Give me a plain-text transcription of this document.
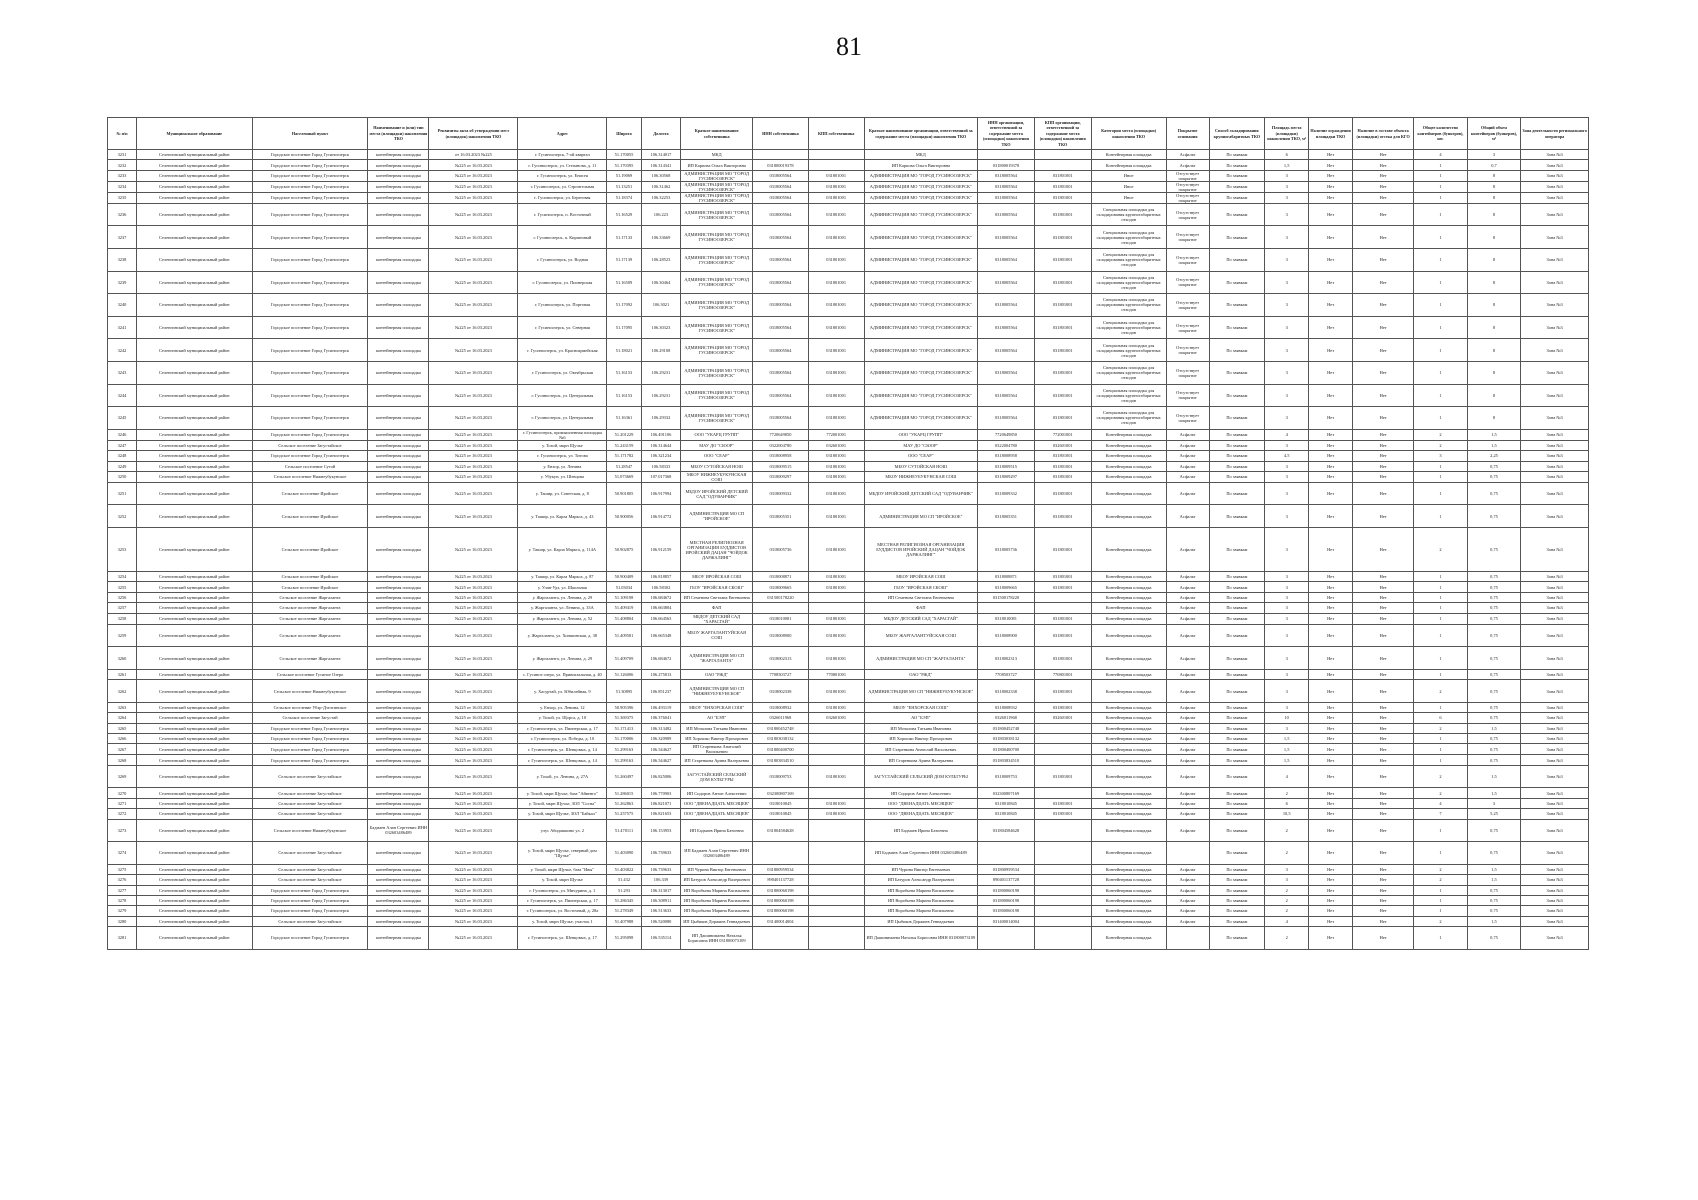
81
№ п/п	Муниципальное образование	Населенный пункт	Наименование и (или) тип места (площадки) накопления ТКО	Реквизиты акта об утверждении мест (площадок) накопления ТКО	Адрес	Широта	Долгота	Краткое наименование собственника	ИНН собственника	КПП собственника	Краткое наименование организации, ответственной за содержание места (площадки) накопления ТКО	ИНН организации, ответственной за содержание места (площадки) накопления ТКО	КПП организации, ответственной за содержание места (площадки) накопления ТКО	Категория места (площадки) накопления ТКО	Покрытие основания	Способ складирования крупногабаритных ТКО	Площадь места (площадки) накопления ТКО, м²	Наличие ограждения площадки ТКО	Наличие в составе объекта (площадки) отсека для КГО	Общее количество контейнеров (бункеров), шт.	Общий объем контейнеров (бункеров), м³	Зона деятельности регионального оператора
3231	Селенгинский муниципальный район	Городское поселение Город Гусиноозерск	контейнерная площадка	от 16.03.2023 №225	г. Гусиноозерск, 7-ой квартал	51.170055	106.314017	МКД			МКД			Контейнерная площадка	Асфальт	По заявкам	6	Нет	Нет	4	3	Зона №3
3232	Селенгинский муниципальный район	Городское поселение Город Гусиноозерск	контейнерная площадка	№225 от 16.03.2023	г. Гусиноозерск, ул. Степанова, д. 11	51.170395	106.314341	ИП Карпова Ольга Викторовна	031800019378		ИП Карпова Ольга Викторовна	031800019378		Контейнерная площадка	Асфальт	По заявкам	1,5	Нет	Нет	1	0,7	Зона №3
3233	Селенгинский муниципальный район	Городское поселение Город Гусиноозерск	контейнерная площадка	№225 от 16.03.2023	г. Гусиноозерск, ул. Енисея	51.19069	106.30568	АДМИНИСТРАЦИЯ МО "ГОРОД ГУСИНООЗЕРСК"	0318005564	031801001	АДМИНИСТРАЦИЯ МО "ГОРОД ГУСИНООЗЕРСК"	0318005564	031801001	Иное	Отсутствует покрытие	По заявкам	3	Нет	Нет	1	8	Зона №3
3234	Селенгинский муниципальный район	Городское поселение Город Гусиноозерск	контейнерная площадка	№225 от 16.03.2023	г. Гусиноозерск, ул. Строительная	51.13251	106.31462	АДМИНИСТРАЦИЯ МО "ГОРОД ГУСИНООЗЕРСК"	0318005564	031801001	АДМИНИСТРАЦИЯ МО "ГОРОД ГУСИНООЗЕРСК"	0318005564	031801001	Иное	Отсутствует покрытие	По заявкам	3	Нет	Нет	1	8	Зона №3
3235	Селенгинский муниципальный район	Городское поселение Город Гусиноозерск	контейнерная площадка	№225 от 16.03.2023	г. Гусиноозерск, ул. Береговая	51.18374	106.32253	АДМИНИСТРАЦИЯ МО "ГОРОД ГУСИНООЗЕРСК"	0318005564	031801001	АДМИНИСТРАЦИЯ МО "ГОРОД ГУСИНООЗЕРСК"	0318005564	031801001	Иное	Отсутствует покрытие	По заявкам	3	Нет	Нет	1	8	Зона №3
3236	Селенгинский муниципальный район	Городское поселение Город Гусиноозерск	контейнерная площадка	№225 от 16.03.2023	г. Гусиноозерск, п. Восточный	51.16529	106.223	АДМИНИСТРАЦИЯ МО "ГОРОД ГУСИНООЗЕРСК"	0318005564	031801001	АДМИНИСТРАЦИЯ МО "ГОРОД ГУСИНООЗЕРСК"	0318005564	031801001	Специальная площадка для складирования крупногабаритных отходов	Отсутствует покрытие	По заявкам	3	Нет	Нет	1	8	Зона №3
3237	Селенгинский муниципальный район	Городское поселение Город Гусиноозерск	контейнерная площадка	№225 от 16.03.2023	г. Гусиноозерск, п. Кирпичный	51.17133	106.33669	АДМИНИСТРАЦИЯ МО "ГОРОД ГУСИНООЗЕРСК"	0318005564	031801001	АДМИНИСТРАЦИЯ МО "ГОРОД ГУСИНООЗЕРСК"	0318005564	031801001	Специальная площадка для складирования крупногабаритных отходов	Отсутствует покрытие	По заявкам	3	Нет	Нет	1	8	Зона №3
3238	Селенгинский муниципальный район	Городское поселение Город Гусиноозерск	контейнерная площадка	№225 от 16.03.2023	г. Гусиноозерск, ул. Водная	51.17139	106.28523	АДМИНИСТРАЦИЯ МО "ГОРОД ГУСИНООЗЕРСК"	0318005564	031801001	АДМИНИСТРАЦИЯ МО "ГОРОД ГУСИНООЗЕРСК"	0318005564	031801001	Специальная площадка для складирования крупногабаритных отходов	Отсутствует покрытие	По заявкам	3	Нет	Нет	1	8	Зона №3
3239	Селенгинский муниципальный район	Городское поселение Город Гусиноозерск	контейнерная площадка	№225 от 16.03.2023	г. Гусиноозерск, ул. Пионерская	51.16509	106.30464	АДМИНИСТРАЦИЯ МО "ГОРОД ГУСИНООЗЕРСК"	0318005564	031801001	АДМИНИСТРАЦИЯ МО "ГОРОД ГУСИНООЗЕРСК"	0318005564	031801001	Специальная площадка для складирования крупногабаритных отходов	Отсутствует покрытие	По заявкам	3	Нет	Нет	1	8	Зона №3
3240	Селенгинский муниципальный район	Городское поселение Город Гусиноозерск	контейнерная площадка	№225 от 16.03.2023	г. Гусиноозерск, ул. Портовая	51.17092	106.3021	АДМИНИСТРАЦИЯ МО "ГОРОД ГУСИНООЗЕРСК"	0318005564	031801001	АДМИНИСТРАЦИЯ МО "ГОРОД ГУСИНООЗЕРСК"	0318005564	031801001	Специальная площадка для складирования крупногабаритных отходов	Отсутствует покрытие	По заявкам	3	Нет	Нет	1	8	Зона №3
3241	Селенгинский муниципальный район	Городское поселение Город Гусиноозерск	контейнерная площадка	№225 от 16.03.2023	г. Гусиноозерск, ул. Северная	51.17095	106.30323	АДМИНИСТРАЦИЯ МО "ГОРОД ГУСИНООЗЕРСК"	0318005564	031801001	АДМИНИСТРАЦИЯ МО "ГОРОД ГУСИНООЗЕРСК"	0318005564	031801001	Специальная площадка для складирования крупногабаритных отходов	Отсутствует покрытие	По заявкам	3	Нет	Нет	1	8	Зона №3
3242	Селенгинский муниципальный район	Городское поселение Город Гусиноозерск	контейнерная площадка	№225 от 16.03.2023	г. Гусиноозерск, ул. Красноармейская	51.18021	106.29108	АДМИНИСТРАЦИЯ МО "ГОРОД ГУСИНООЗЕРСК"	0318005564	031801001	АДМИНИСТРАЦИЯ МО "ГОРОД ГУСИНООЗЕРСК"	0318005564	031801001	Специальная площадка для складирования крупногабаритных отходов	Отсутствует покрытие	По заявкам	3	Нет	Нет	1	8	Зона №3
3243	Селенгинский муниципальный район	Городское поселение Город Гусиноозерск	контейнерная площадка	№225 от 16.03.2023	г. Гусиноозерск, ул. Октябрьская	51.16153	106.29231	АДМИНИСТРАЦИЯ МО "ГОРОД ГУСИНООЗЕРСК"	0318005564	031801001	АДМИНИСТРАЦИЯ МО "ГОРОД ГУСИНООЗЕРСК"	0318005564	031801001	Специальная площадка для складирования крупногабаритных отходов	Отсутствует покрытие	По заявкам	3	Нет	Нет	1	8	Зона №3
3244	Селенгинский муниципальный район	Городское поселение Город Гусиноозерск	контейнерная площадка	№225 от 16.03.2023	г. Гусиноозерск, ул. Центральная	51.16153	106.29231	АДМИНИСТРАЦИЯ МО "ГОРОД ГУСИНООЗЕРСК"	0318005564	031801001	АДМИНИСТРАЦИЯ МО "ГОРОД ГУСИНООЗЕРСК"	0318005564	031801001	Специальная площадка для складирования крупногабаритных отходов	Отсутствует покрытие	По заявкам	3	Нет	Нет	1	8	Зона №3
3245	Селенгинский муниципальный район	Городское поселение Город Гусиноозерск	контейнерная площадка	№225 от 16.03.2023	г. Гусиноозерск, ул. Центральная	51.16361	106.29332	АДМИНИСТРАЦИЯ МО "ГОРОД ГУСИНООЗЕРСК"	0318005564	031801001	АДМИНИСТРАЦИЯ МО "ГОРОД ГУСИНООЗЕРСК"	0318005564	031801001	Специальная площадка для складирования крупногабаритных отходов	Отсутствует покрытие	По заявкам	3	Нет	Нет	1	8	Зона №3
3246	Селенгинский муниципальный район	Городское поселение Город Гусиноозерск	контейнерная площадка	№225 от 16.03.2023	г. Гусиноозерск, промышленная площадка №6	51.201229	106.491106	ООО "УКАРЦ ГРУПП"	7720649850	772001001	ООО "УКАРЦ ГРУПП"	7720649850	772001001	Контейнерная площадка	Асфальт	По заявкам	4	Нет	Нет	2	1,5	Зона №3
3247	Селенгинский муниципальный район	Сельское поселение Загустайское	контейнерная площадка	№225 от 16.03.2023	у. Тохой, мкрн Щучье	51.243159	106.314644	МАУ ДО "СЮОР"	0322004780	032601001	МАУ ДО "СЮОР"	0322004780	032601001	Контейнерная площадка	Асфальт	По заявкам	3	Нет	Нет	2	1,5	Зона №3
3248	Селенгинский муниципальный район	Городское поселение Город Гусиноозерск	контейнерная площадка	№225 от 16.03.2023	г. Гусиноозерск, ул. Титова	51.171782	106.321234	ООО "СЕАР"	0318008958	031801001	ООО "СЕАР"	0318008958	031801001	Контейнерная площадка	Асфальт	По заявкам	4,5	Нет	Нет	3	2,25	Зона №3
3249	Селенгинский муниципальный район	Сельское поселение Сутой	контейнерная площадка	№225 от 16.03.2023	у. Енхор, ул. Ленина	51.28547	106.58333	МБОУ СУТОЙСКАЯ НОШ	0318009515	031801001	МБОУ СУТОЙСКАЯ НОШ	0318009515	031801001	Контейнерная площадка	Асфальт	По заявкам	3	Нет	Нет	1	0,75	Зона №3
3250	Селенгинский муниципальный район	Сельское поселение Нижнеубукунское	контейнерная площадка	№225 от 16.03.2023	у. Убукун, ул. Шевцова	51.073669	107.017368	МБОУ НИЖНЕУБУКУНСКАЯ СОШ	0318009297	031801001	МБОУ НИЖНЕУБУКУНСКАЯ СОШ	0318009297	031801001	Контейнерная площадка	Асфальт	По заявкам	3	Нет	Нет	1	0,75	Зона №3
3251	Селенгинский муниципальный район	Сельское поселение Иройское	контейнерная площадка	№225 от 16.03.2023	у. Ташир, ул. Советская, д. 8	50.901805	106.917994	МБДОУ ИРОЙСКИЙ ДЕТСКИЙ САД "ОДУВАНЧИК"	0318009332	031801001	МБДОУ ИРОЙСКИЙ ДЕТСКИЙ САД "ОДУВАНЧИК"	0318009332	031801001	Контейнерная площадка	Асфальт	По заявкам	3	Нет	Нет	1	0,75	Зона №3
3252	Селенгинский муниципальный район	Сельское поселение Иройское	контейнерная площадка	№225 от 16.03.2023	у. Ташир, ул. Карла Маркса, д. 43	50.900056	106.914772	АДМИНИСТРАЦИЯ МО СП "ИРОЙСКОЕ"	0318005351	031801001	АДМИНИСТРАЦИЯ МО СП "ИРОЙСКОЕ"	0318005351	031801001	Контейнерная площадка	Асфальт	По заявкам	3	Нет	Нет	1	0,75	Зона №3
3253	Селенгинский муниципальный район	Сельское поселение Иройское	контейнерная площадка	№225 от 16.03.2023	у. Ташир, ул. Карла Маркса, д. 114А	50.902875	106.912159	МЕСТНАЯ РЕЛИГИОЗНАЯ ОРГАНИЗАЦИЯ БУДДИСТОВ ИРОЙСКИЙ ДАЦАН "ЧОЙДОК ДАРЖАЛИНГ"	0318005736	031801001	МЕСТНАЯ РЕЛИГИОЗНАЯ ОРГАНИЗАЦИЯ БУДДИСТОВ ИРОЙСКИЙ ДАЦАН "ЧОЙДОК ДАРЖАЛИНГ"	0318005736	031801001	Контейнерная площадка	Асфальт	По заявкам	3	Нет	Нет	2	0,75	Зона №3
3254	Селенгинский муниципальный район	Сельское поселение Иройское	контейнерная площадка	№225 от 16.03.2023	у. Ташир, ул. Карла Маркса, д. 87	50.900409	106.818857	МБОУ ИРОЙСКАЯ СОШ	0318008871	031801001	МБОУ ИРОЙСКАЯ СОШ	0318008871	031801001	Контейнерная площадка	Асфальт	По заявкам	3	Нет	Нет	1	0,75	Зона №3
3255	Селенгинский муниципальный район	Сельское поселение Иройское	контейнерная площадка	№225 от 16.03.2023	у. Улан-Удэ, ул. Школьная	51.03034	106.58302	ГБОУ "ИРОЙСКАЯ СКОШ"	0318009665	031801001	ГБОУ "ИРОЙСКАЯ СКОШ"	0318009665	031801001	Контейнерная площадка	Асфальт	По заявкам	3	Нет	Нет	1	0,75	Зона №3
3256	Селенгинский муниципальный район	Сельское поселение Жаргаланта	контейнерная площадка	№225 от 16.03.2023	у. Жаргаланта, ул. Ленина, д. 29	51.109198	106.684672	ИП Семенова Светлана Евгеньевна	031500178220		ИП Семенова Светлана Евгеньевна	031500178220		Контейнерная площадка	Асфальт	По заявкам	3	Нет	Нет	1	0,75	Зона №3
3257	Селенгинский муниципальный район	Сельское поселение Жаргаланта	контейнерная площадка	№225 от 16.03.2023	у. Жаргаланта, ул. Ленина, д. 33А	51.409419	106.663804	ФАП			ФАП			Контейнерная площадка	Асфальт	По заявкам	3	Нет	Нет	1	0,75	Зона №3
3258	Селенгинский муниципальный район	Сельское поселение Жаргаланта	контейнерная площадка	№225 от 16.03.2023	у. Жаргаланта, ул. Ленина, д. 52	51.408804	106.664563	МБДОУ ДЕТСКИЙ САД "ХАРАСГАЙ"	0318010081	031801001	МБДОУ ДЕТСКИЙ САД "ХАРАСГАЙ"	0318010081	031801001	Контейнерная площадка	Асфальт	По заявкам	3	Нет	Нет	1	0,75	Зона №3
3259	Селенгинский муниципальный район	Сельское поселение Жаргаланта	контейнерная площадка	№225 от 16.03.2023	у. Жаргаланта, ул. Хоншинская, д. 38	51.409581	106.665348	МБОУ ЖАРГАЛАНТУЙСКАЯ СОШ	0318008900	031801001	МБОУ ЖАРГАЛАНТУЙСКАЯ СОШ	0318008900	031801001	Контейнерная площадка	Асфальт	По заявкам	3	Нет	Нет	1	0,75	Зона №3
3260	Селенгинский муниципальный район	Сельское поселение Жаргаланта	контейнерная площадка	№225 от 16.03.2023	у. Жаргаланта, ул. Ленина, д. 29	51.409709	106.684672	АДМИНИСТРАЦИЯ МО СП "ЖАРГАЛАНТА"	0318002313	031801001	АДМИНИСТРАЦИЯ МО СП "ЖАРГАЛАНТА"	0318002313	031801001	Контейнерная площадка	Асфальт	По заявкам	3	Нет	Нет	1	0,75	Зона №3
3261	Селенгинский муниципальный район	Сельское поселение Гусиное Озеро	контейнерная площадка	№225 от 16.03.2023	с. Гусиное озеро, ул. Привокзальная, д. 40	51.126006	106.275813	ОАО "РЖД"	7708503727	770801001	ОАО "РЖД"	7708503727	770801001	Контейнерная площадка	Асфальт	По заявкам	3	Нет	Нет	1	0,75	Зона №3
3262	Селенгинский муниципальный район	Сельское поселение Нижнеубукунское	контейнерная площадка	№225 от 16.03.2023	у. Хасуртай, ул. Юбилейная, 9	51.30895	106.851237	АДМИНИСТРАЦИЯ МО СП "НИЖНЕУБУКУНСКОЕ"	0318002338	031801001	АДМИНИСТРАЦИЯ МО СП "НИЖНЕУБУКУНСКОЕ"	0318002338	031801001	Контейнерная площадка	Асфальт	По заявкам	3	Нет	Нет	2	0,75	Зона №3
3263	Селенгинский муниципальный район	Сельское поселение Убэр-Дзелгинское	контейнерная площадка	№225 от 16.03.2023	у. Енхор, ул. Ленина, 12	50.905396	106.493119	МБОУ "ЕНХОРСКАЯ СОШ"	0318008932	031801001	МБОУ "ЕНХОРСКАЯ СОШ"	0318008932	031801001	Контейнерная площадка	Асфальт	По заявкам	3	Нет	Нет	1	0,75	Зона №3
3264	Селенгинский муниципальный район	Сельское поселение Загустай	контейнерная площадка	№225 от 16.03.2023	у. Тохой, ул. Щорса, д. 10	51.369375	106.376041	АО "БЭП"	0326011968	032601001	АО "БЭП"	0326011968	032601001	Контейнерная площадка	Асфальт	По заявкам	10	Нет	Нет	6	0,75	Зона №3
3265	Селенгинский муниципальный район	Городское поселение Город Гусиноозерск	контейнерная площадка	№225 от 16.03.2023	г. Гусиноозерск, ул. Пионерская, д. 17	51.171413	106.313482	ИП Мочалова Татьяна Ивановна	031800452748		ИП Мочалова Татьяна Ивановна	031800452748		Контейнерная площадка	Асфальт	По заявкам	3	Нет	Нет	2	1,5	Зона №3
3266	Селенгинский муниципальный район	Городское поселение Город Гусиноозерск	контейнерная площадка	№225 от 16.03.2023	г. Гусиноозерск, ул. Победы, д. 10	51.170006	106.320989	ИП Хорошко Виктор Прохорович	031803038132		ИП Хорошко Виктор Прохорович	031803038132		Контейнерная площадка	Асфальт	По заявкам	1,5	Нет	Нет	1	0,75	Зона №3
3267	Селенгинский муниципальный район	Городское поселение Город Гусиноозерск	контейнерная площадка	№225 от 16.03.2023	г. Гусиноозерск, ул. Шевцовых, д. 14	51.299163	106.544627	ИП Старенкова Анатолий Васильевич	031800400700		ИП Старенкова Анатолий Васильевич	031800400700		Контейнерная площадка	Асфальт	По заявкам	1,5	Нет	Нет	1	0,75	Зона №3
3268	Селенгинский муниципальный район	Городское поселение Город Гусиноозерск	контейнерная площадка	№225 от 16.03.2023	г. Гусиноозерск, ул. Шевцовых, д. 14	51.299163	106.544627	ИП Старенкова Арина Валерьевна	031803834510		ИП Старенкова Арина Валерьевна	031803834510		Контейнерная площадка	Асфальт	По заявкам	1,5	Нет	Нет	1	0,75	Зона №3
3269	Селенгинский муниципальный район	Сельское поселение Загустайское	контейнерная площадка	№225 от 16.03.2023	у. Тохой, ул. Ленина, д. 27А	51.260497	106.825006	ЗАГУСТАЙСКИЙ СЕЛЬСКИЙ ДОМ КУЛЬТУРЫ	0318009753	031801001	ЗАГУСТАЙСКИЙ СЕЛЬСКИЙ ДОМ КУЛЬТУРЫ	0318009753	031801001	Контейнерная площадка	Асфальт	По заявкам	4	Нет	Нет	2	1,5	Зона №3
3270	Селенгинский муниципальный район	Сельское поселение Загустайское	контейнерная площадка	№225 от 16.03.2023	у. Тохой, мкрн Щучье, база "Айвенго"	51.286015	106.770903	ИП Сидоров Антон Алексеевич	032300807169		ИП Сидоров Антон Алексеевич	032300807169		Контейнерная площадка	Асфальт	По заявкам	2	Нет	Нет	2	1,5	Зона №3
3271	Селенгинский муниципальный район	Сельское поселение Загустайское	контейнерная площадка	№225 от 16.03.2023	у. Тохой, мкрн Щучье, ЗОЛ "Сосна"	51.262863	106.821071	ООО "ДВЕНАДЦАТЬ МЕСЯЦЕВ"	0318010845	031801001	ООО "ДВЕНАДЦАТЬ МЕСЯЦЕВ"	0318010845	031801001	Контейнерная площадка	Асфальт	По заявкам	6	Нет	Нет	4	3	Зона №3
3272	Селенгинский муниципальный район	Сельское поселение Загустайское	контейнерная площадка	№225 от 16.03.2023	у. Тохой, мкрн Щучье, ЗОЛ "Байкал"	51.257575	106.821653	ООО "ДВЕНАДЦАТЬ МЕСЯЦЕВ"	0318010845	031801001	ООО "ДВЕНАДЦАТЬ МЕСЯЦЕВ"	0318010845	031801001	Контейнерная площадка	Асфальт	По заявкам	10,5	Нет	Нет	7	5,25	Зона №3
3273	Селенгинский муниципальный район	Сельское поселение Нижнеубукунское	Бадмаев Алан Сергеевич ИНН 032603486489	№225 от 16.03.2023	улус Абидашкино ул. 2	51.470111	106.153953	ИП Бадмаев Ирина Батоевна	031804584628		ИП Бадмаев Ирина Батоевна	031804584628		Контейнерная площадка	Асфальт	По заявкам	2	Нет	Нет	1	0,75	Зона №3
3274	Селенгинский муниципальный район	Сельское поселение Загустайское	контейнерная площадка	№225 от 16.03.2023	у. Тохой, мкрн Щучье, северный дом "Щучье"	51.403090	106.739633	ИП Бадмаев Алан Сергеевич ИНН 032603486489			ИП Бадмаев Алан Сергеевич ИНН 032603486489			Контейнерная площадка		По заявкам	2	Нет	Нет	1	0,75	Зона №3
3275	Селенгинский муниципальный район	Сельское поселение Загустайское	контейнерная площадка	№225 от 16.03.2023	у. Тохой, мкрн Щучье, база "Ивы"	51.403822	106.739633	ИП Чурина Виктор Евгеньевич	031800959534		ИП Чурина Виктор Евгеньевич	031800959534		Контейнерная площадка	Асфальт	По заявкам	3	Нет	Нет	2	1,5	Зона №3
3276	Селенгинский муниципальный район	Сельское поселение Загустайское	контейнерная площадка	№225 от 16.03.2023	у. Тохой, мкрн Щучье	51.432	106.339	ИП Батуров Александр Валерьевич	890401137728		ИП Батуров Александр Валерьевич	890401137728		Контейнерная площадка	Асфальт	По заявкам	3	Нет	Нет	2	1,5	Зона №3
3277	Селенгинский муниципальный район	Городское поселение Город Гусиноозерск	контейнерная площадка	№225 от 16.03.2023	г. Гусиноозерск, ул. Мичурина, д. 1	51.293	106.313017	ИП Воробьева Марина Васильевна	031800060198		ИП Воробьева Марина Васильевна	031800060198		Контейнерная площадка	Асфальт	По заявкам	2	Нет	Нет	1	0,75	Зона №3
3278	Селенгинский муниципальный район	Городское поселение Город Гусиноозерск	контейнерная площадка	№225 от 16.03.2023	г. Гусиноозерск, ул. Пионерская, д. 17	51.286345	106.308911	ИП Воробьева Марина Васильевна	031800060198		ИП Воробьева Марина Васильевна	031800060198		Контейнерная площадка	Асфальт	По заявкам	2	Нет	Нет	1	0,75	Зона №3
3279	Селенгинский муниципальный район	Городское поселение Город Гусиноозерск	контейнерная площадка	№225 от 16.03.2023	г. Гусиноозерск, ул. Восточный, д. 28а	51.278349	106.513633	ИП Воробьева Марина Васильевна	031800060198		ИП Воробьева Марина Васильевна	031800060198		Контейнерная площадка	Асфальт	По заявкам	2	Нет	Нет	1	0,75	Зона №3
3280	Селенгинский муниципальный район	Сельское поселение Загустайское	контейнерная площадка	№225 от 16.03.2023	у. Тохой, мкрн Щучье, участок 1	51.407988	106.520080	ИП Цыбиков Доржиев Геннадьевич	031400014004		ИП Цыбиков Доржиев Геннадьевич	031400014004		Контейнерная площадка	Асфальт	По заявкам	4	Нет	Нет	2	1,5	Зона №3
3281	Селенгинский муниципальный район	Городское поселение Город Гусиноозерск	контейнерная площадка	№225 от 16.03.2023	г. Гусиноозерск, ул. Шевцовых, д. 17	51.295098	106.535114	ИП Дашинимаева Наталья Борисовна ИНН 031800073109			ИП Дашинимаева Наталья Борисовна ИНН 031800073109			Контейнерная площадка		По заявкам	2	Нет	Нет	1	0,75	Зона №3
